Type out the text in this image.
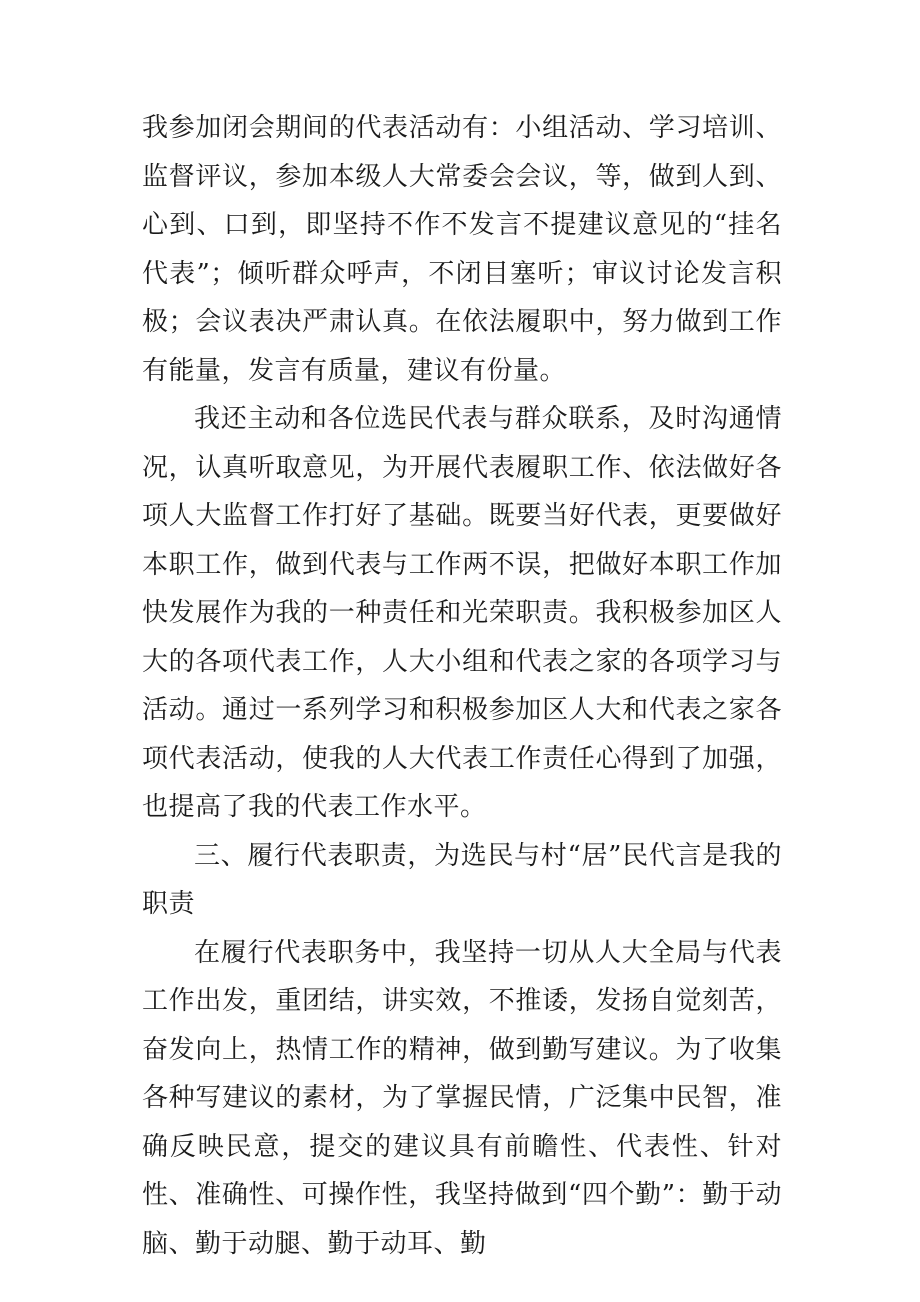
我参加闭会期间的代表活动有：小组活动、学习培训、监督评议，参加本级人大常委会会议，等，做到人到、心到、口到，即坚持不作不发言不提建议意见的“挂名代表”；倾听群众呼声，不闭目塞听；审议讨论发言积极；会议表决严肃认真。在依法履职中，努力做到工作有能量，发言有质量，建议有份量。

我还主动和各位选民代表与群众联系，及时沟通情况，认真听取意见，为开展代表履职工作、依法做好各项人大监督工作打好了基础。既要当好代表，更要做好本职工作，做到代表与工作两不误，把做好本职工作加快发展作为我的一种责任和光荣职责。我积极参加区人大的各项代表工作，人大小组和代表之家的各项学习与活动。通过一系列学习和积极参加区人大和代表之家各项代表活动，使我的人大代表工作责任心得到了加强，也提高了我的代表工作水平。

三、履行代表职责，为选民与村“居”民代言是我的职责

在履行代表职务中，我坚持一切从人大全局与代表工作出发，重团结，讲实效，不推诿，发扬自觉刻苦，奋发向上，热情工作的精神，做到勤写建议。为了收集各种写建议的素材，为了掌握民情，广泛集中民智，准确反映民意，提交的建议具有前瞻性、代表性、针对性、准确性、可操作性，我坚持做到“四个勤”：勤于动脑、勤于动腿、勤于动耳、勤
